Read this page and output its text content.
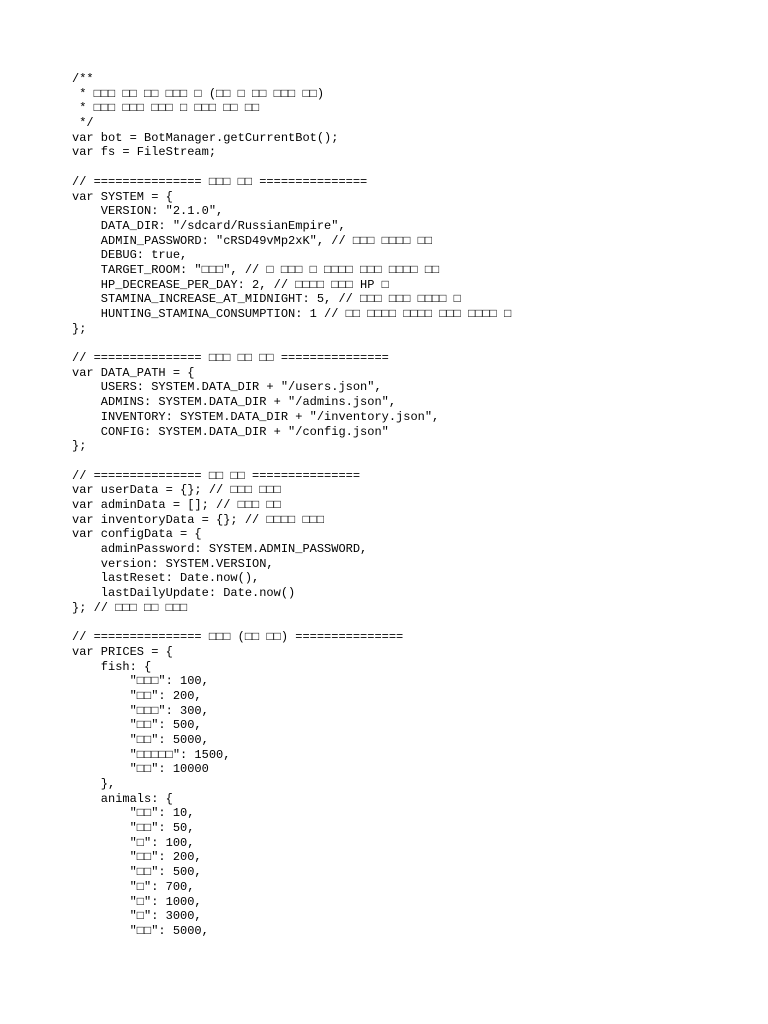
/**
* □□□ □□ □□ □□□ □ (□□ □ □□ □□□ □□)
* □□□ □□□ □□□ □ □□□ □□ □□
*/
var bot = BotManager.getCurrentBot();
var fs = FileStream;
// =============== □□□ □□ ===============
var SYSTEM = {
VERSION: "2.1.0",
DATA_DIR: "/sdcard/RussianEmpire",
ADMIN_PASSWORD: "cRSD49vMp2xK", // □□□ □□□□ □□
DEBUG: true,
TARGET_ROOM: "□□□", // □ □□□ □ □□□□ □□□ □□□□ □□
HP_DECREASE_PER_DAY: 2, // □□□□ □□□ HP □
STAMINA_INCREASE_AT_MIDNIGHT: 5, // □□□ □□□ □□□□ □
HUNTING_STAMINA_CONSUMPTION: 1 // □□ □□□□ □□□□ □□□ □□□□ □
};
// =============== □□□ □□ □□ ===============
var DATA_PATH = {
USERS: SYSTEM.DATA_DIR + "/users.json",
ADMINS: SYSTEM.DATA_DIR + "/admins.json",
INVENTORY: SYSTEM.DATA_DIR + "/inventory.json",
CONFIG: SYSTEM.DATA_DIR + "/config.json"
};
// =============== □□ □□ ===============
var userData = {}; // □□□ □□□
var adminData = []; // □□□ □□
var inventoryData = {}; // □□□□ □□□
var configData = {
adminPassword: SYSTEM.ADMIN_PASSWORD,
version: SYSTEM.VERSION,
lastReset: Date.now(),
lastDailyUpdate: Date.now()
}; // □□□ □□ □□□
// =============== □□□ (□□ □□) ===============
var PRICES = {
fish: {
"□□□": 100,
"□□": 200,
"□□□": 300,
"□□": 500,
"□□": 5000,
"□□□□□": 1500,
"□□": 10000
},
animals: {
"□□": 10,
"□□": 50,
"□": 100,
"□□": 200,
"□□": 500,
"□": 700,
"□": 1000,
"□": 3000,
"□□": 5000,
